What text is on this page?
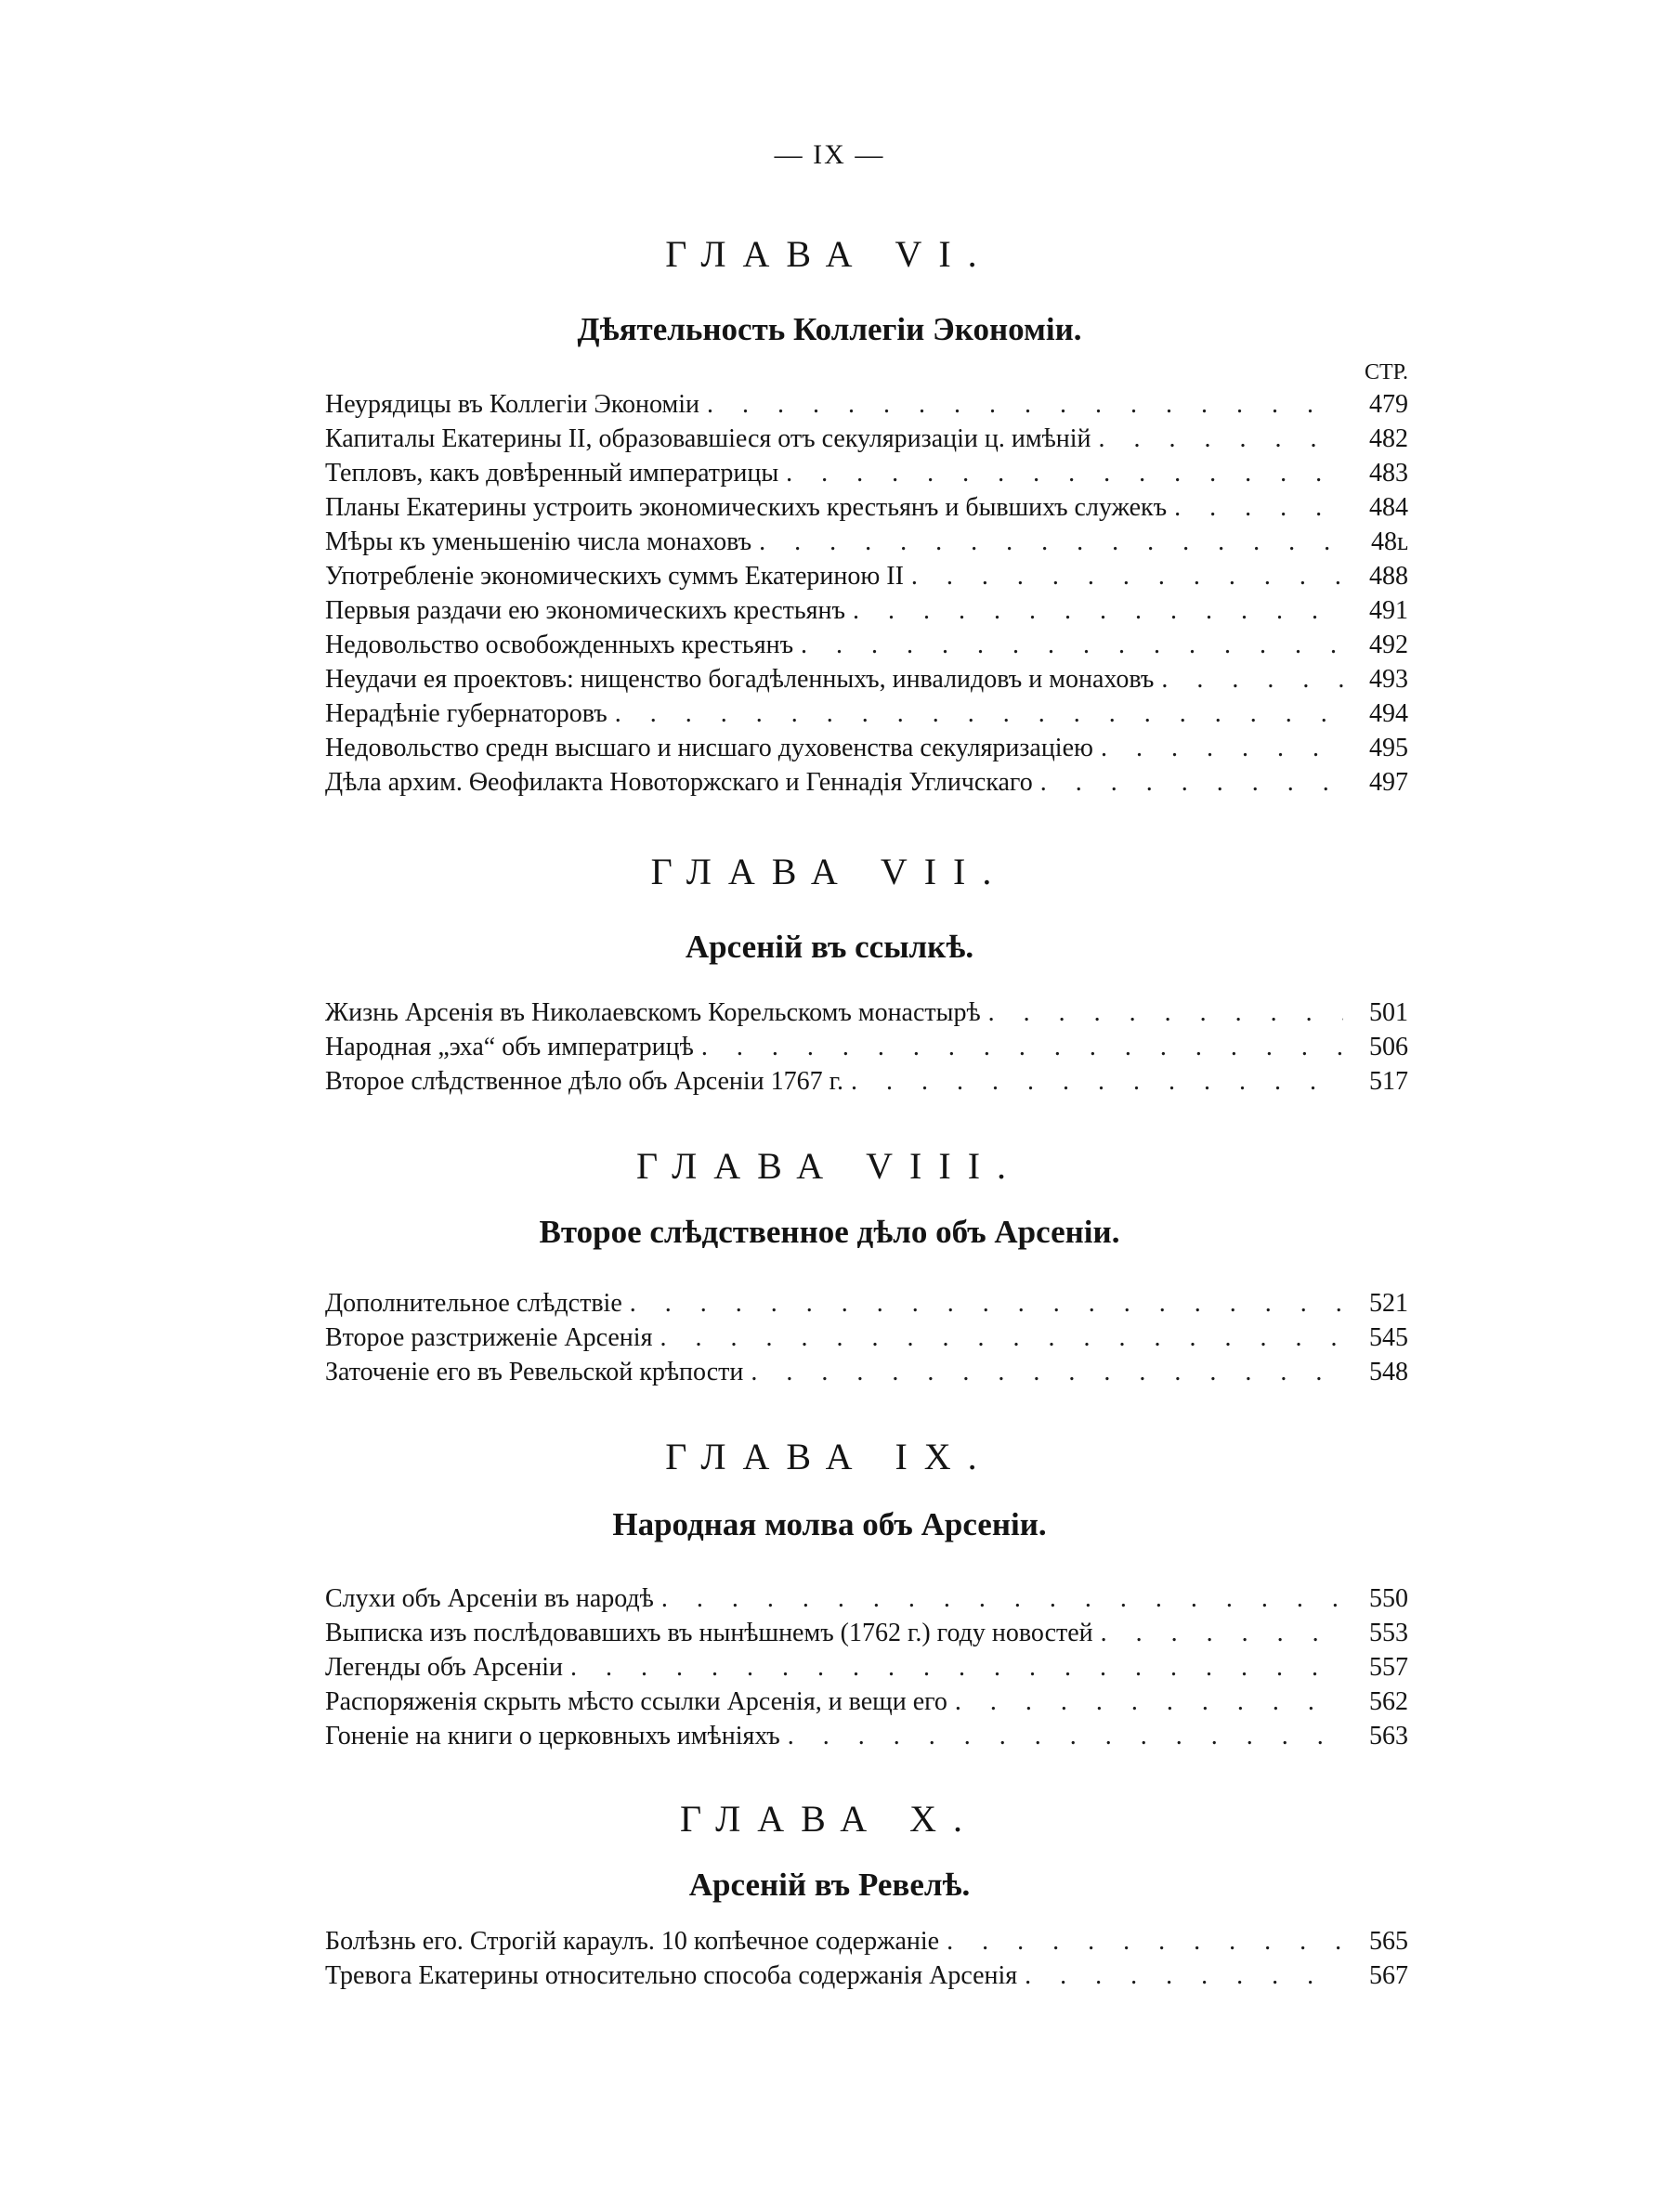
— IX —
ГЛАВА VI.
Дѣятельность Коллегіи Экономіи.
СТР.
Неурядицы въ Коллегіи Экономіи . . .	479
Капиталы Екатерины II, образовавшіеся отъ секуляризаціи ц. имѣній . . .	482
Тепловъ, какъ довѣренный императрицы . . .	483
Планы Екатерины устроить экономическихъ крестьянъ и бывшихъ служекъ . . .	484
Мѣры къ уменьшенію числа монаховъ . . .	48ʟ
Употребленіе экономическихъ суммъ Екатериною II . . .	488
Первыя раздачи ею экономическихъ крестьянъ . . .	491
Недовольство освобожденныхъ крестьянъ . . .	492
Неудачи ея проектовъ: нищенство богадѣленныхъ, инвалидовъ и монаховъ . . .	493
Нерадѣніе губернаторовъ . . .	494
Недовольство средн высшаго и нисшаго духовенства секуляризаціею . . .	495
Дѣла архим. Ѳеофилакта Новоторжскаго и Геннадія Угличскаго . . .	497
ГЛАВА VII.
Арсеній въ ссылкѣ.
Жизнь Арсенія въ Николаевскомъ Корельскомъ монастырѣ . . .	501
Народная „эха“ объ императрицѣ . . .	506
Второе слѣдственное дѣло объ Арсеніи 1767 г. . . .	517
ГЛАВА VIII.
Второе слѣдственное дѣло объ Арсеніи.
Дополнительное слѣдствіе . . .	521
Второе разстриженіе Арсенія . . .	545
Заточеніе его въ Ревельской крѣпости . . .	548
ГЛАВА IX.
Народная молва объ Арсеніи.
Слухи объ Арсеніи въ народѣ . . .	550
Выписка изъ послѣдовавшихъ въ нынѣшнемъ (1762 г.) году новостей . . .	553
Легенды объ Арсеніи . . .	557
Распоряженія скрыть мѣсто ссылки Арсенія, и вещи его . . .	562
Гоненіе на книги о церковныхъ имѣніяхъ . . .	563
ГЛАВА X.
Арсеній въ Ревелѣ.
Болѣзнь его. Строгій караулъ. 10 копѣечное содержаніе . . .	565
Тревога Екатерины относительно способа содержанія Арсенія . . .	567
